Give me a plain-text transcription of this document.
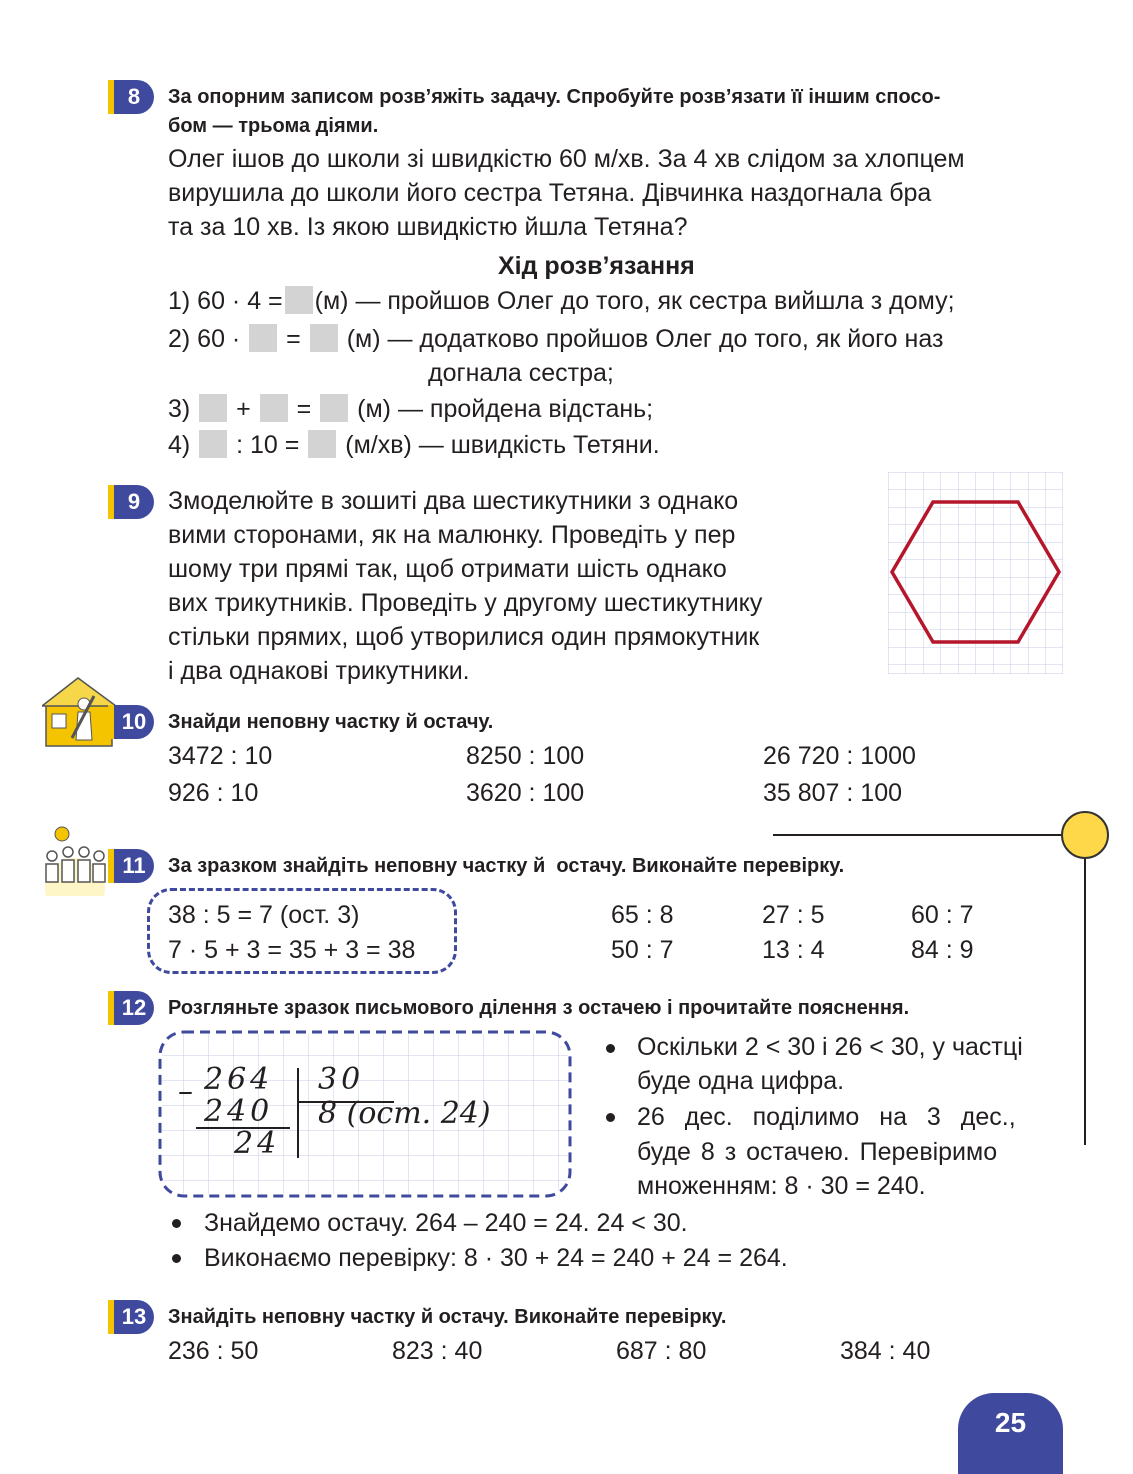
8	За опорним записом розв’яжіть задачу. Спробуйте розв’язати її іншим спосо-
бом — трьома діями.
Олег ішов до школи зі швидкістю 60 м/хв. За 4 хв слідом за хлопцем
вирушила до школи його сестра Тетяна. Дівчинка наздогнала бра
та за 10 хв. Із якою швидкістю йшла Тетяна?
Хід розв’язання
1) 60 · 4 = (м) — пройшов Олег до того, як сестра вийшла з дому;
2) 60 · = (м) — додатково пройшов Олег до того, як його наз
догнала сестра;
3) + = (м) — пройдена відстань;
4) : 10 = (м/хв) — швидкість Тетяни.
9	Змоделюйте в зошиті два шестикутники з однако
вими сторонами, як на малюнку. Проведіть у пер
шому три прямі так, щоб отримати шість однако
вих трикутників. Проведіть у другому шестикутнику
стільки прямих, щоб утворилися один прямокутник
і два однакові трикутники.
10	Знайди неповну частку й остачу.
3472 : 10	8250 : 100	26 720 : 1000
926 : 10	3620 : 100	35 807 : 100
11	За зразком знайдіть неповну частку й  остачу. Виконайте перевірку.
38 : 5 = 7 (ост. 3)
7 · 5 + 3 = 35 + 3 = 38
65 : 8	27 : 5	60 : 7
50 : 7	13 : 4	84 : 9
12	Розгляньте зразок письмового ділення з остачею і прочитайте пояснення.
– 264 30
240 8 (ост. 24)
24
Оскільки 2 < 30 і 26 < 30, у частці
буде одна цифра.
26 дес. поділимо на 3 дес.,
буде 8 з остачею. Перевіримо
множенням: 8 · 30 = 240.
Знайдемо остачу. 264 – 240 = 24. 24 < 30.
Виконаємо перевірку: 8 · 30 + 24 = 240 + 24 = 264.
13	Знайдіть неповну частку й остачу. Виконайте перевірку.
236 : 50	823 : 40	687 : 80	384 : 40
25
